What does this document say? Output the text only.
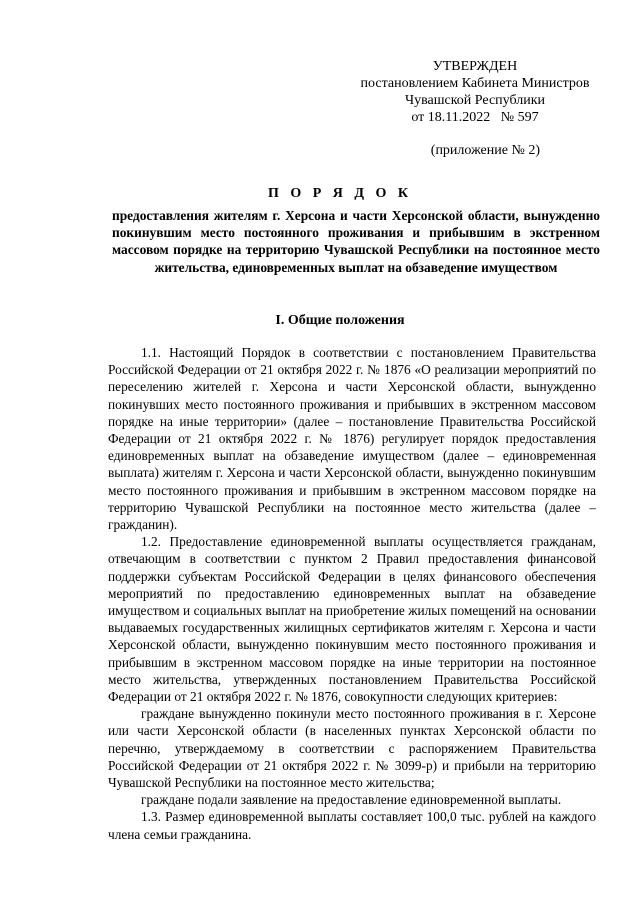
УТВЕРЖДЕН
постановлением Кабинета Министров
Чувашской Республики
от 18.11.2022   № 597
(приложение № 2)
П О Р Я Д О К
предоставления жителям г. Херсона и части Херсонской области, вынужденно покинувшим место постоянного проживания и прибывшим в экстренном массовом порядке на территорию Чувашской Республики на постоянное место жительства, единовременных выплат на обзаведение имуществом
I. Общие положения

1.1. Настоящий Порядок в соответствии с постановлением Правительства Российской Федерации от 21 октября 2022 г. № 1876 «О реализации мероприятий по переселению жителей г. Херсона и части Херсонской области, вынужденно покинувших место постоянного проживания и прибывших в экстренном массовом порядке на иные территории» (далее – постановление Правительства Российской Федерации от 21 октября 2022 г. № 1876) регулирует порядок предоставления единовременных выплат на обзаведение имуществом (далее – единовременная выплата) жителям г. Херсона и части Херсонской области, вынужденно покинувшим место постоянного проживания и прибывшим в экстренном массовом порядке на территорию Чувашской Республики на постоянное место жительства (далее – гражданин).

1.2. Предоставление единовременной выплаты осуществляется гражданам, отвечающим в соответствии с пунктом 2 Правил предоставления финансовой поддержки субъектам Российской Федерации в целях финансового обеспечения мероприятий по предоставлению единовременных выплат на обзаведение имуществом и социальных выплат на приобретение жилых помещений на основании выдаваемых государственных жилищных сертификатов жителям г. Херсона и части Херсонской области, вынужденно покинувшим место постоянного проживания и прибывшим в экстренном массовом порядке на иные территории на постоянное место жительства, утвержденных постановлением Правительства Российской Федерации от 21 октября 2022 г. № 1876, совокупности следующих критериев:

граждане вынужденно покинули место постоянного проживания в г. Херсоне или части Херсонской области (в населенных пунктах Херсонской области по перечню, утверждаемому в соответствии с распоряжением Правительства Российской Федерации от 21 октября 2022 г. № 3099-р) и прибыли на территорию Чувашской Республики на постоянное место жительства;

граждане подали заявление на предоставление единовременной выплаты.

1.3. Размер единовременной выплаты составляет 100,0 тыс. рублей на каждого члена семьи гражданина.
